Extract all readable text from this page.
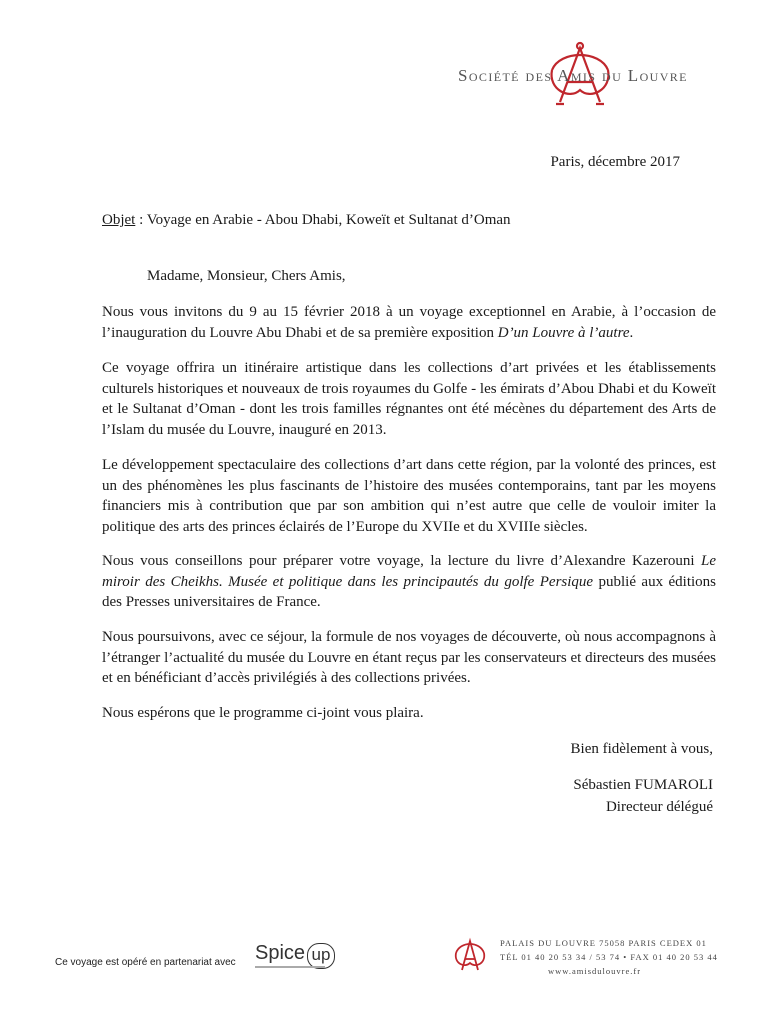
Société des Amis du Louvre
Paris, décembre 2017
Objet : Voyage en Arabie - Abou Dhabi, Koweït et Sultanat d’Oman
Madame, Monsieur, Chers Amis,

Nous vous invitons du 9 au 15 février 2018 à un voyage exceptionnel en Arabie, à l’occasion de l’inauguration du Louvre Abu Dhabi et de sa première exposition D’un Louvre à l’autre.

Ce voyage offrira un itinéraire artistique dans les collections d’art privées et les établissements culturels historiques et nouveaux de trois royaumes du Golfe - les émirats d’Abou Dhabi et du Koweït et le Sultanat d’Oman - dont les trois familles régnantes ont été mécènes du département des Arts de l’Islam du musée du Louvre, inauguré en 2013.

Le développement spectaculaire des collections d’art dans cette région, par la volonté des princes, est un des phénomènes les plus fascinants de l’histoire des musées contemporains, tant par les moyens financiers mis à contribution que par son ambition qui n’est autre que celle de vouloir imiter la politique des arts des princes éclairés de l’Europe du XVIIe et du XVIIIe siècles.

Nous vous conseillons pour préparer votre voyage, la lecture du livre d’Alexandre Kazerouni Le miroir des Cheikhs. Musée et politique dans les principautés du golfe Persique publié aux éditions des Presses universitaires de France.

Nous poursuivons, avec ce séjour, la formule de nos voyages de découverte, où nous accompagnons à l’étranger l’actualité du musée du Louvre en étant reçus par les conservateurs et directeurs des musées et en bénéficiant d’accès privilégiés à des collections privées.

Nous espérons que le programme ci-joint vous plaira.

Bien fidèlement à vous,
Sébastien FUMAROLI
Directeur délégué
Ce voyage est opéré en partenariat avec Spice up
PALAIS DU LOUVRE 75058 PARIS CEDEX 01
TÉL 01 40 20 53 34 / 53 74 • FAX 01 40 20 53 44
www.amisdulouvre.fr
